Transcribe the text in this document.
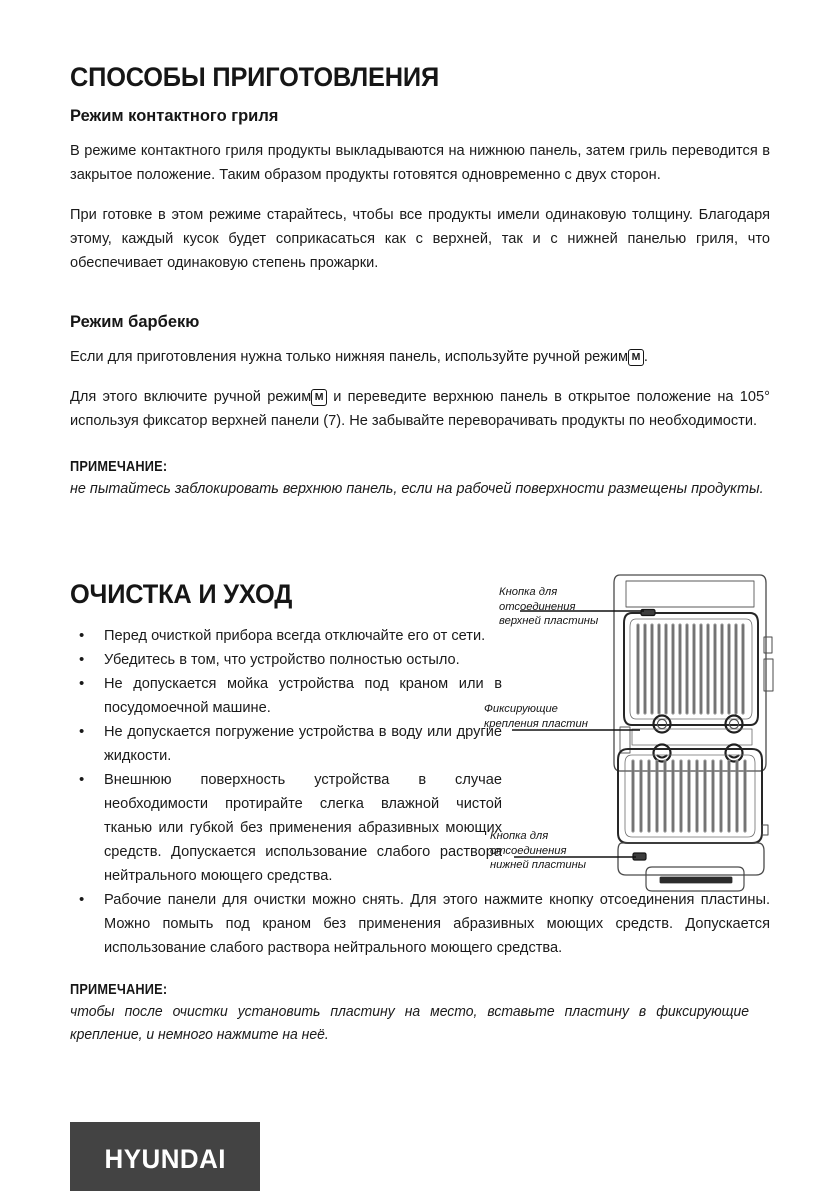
СПОСОБЫ ПРИГОТОВЛЕНИЯ
Режим контактного гриля

В режиме контактного гриля продукты выкладываются на нижнюю панель, затем гриль переводится в закрытое положение. Таким образом продукты готовятся одновременно с двух сторон.

При готовке в этом режиме старайтесь, чтобы все продукты имели одинаковую толщину. Благодаря этому, каждый кусок будет соприкасаться как с верхней, так и с нижней панелью гриля, что обеспечивает одинаковую степень прожарки.

Режим барбекю

Если для приготовления нужна только нижняя панель, используйте ручной режим M .

Для этого включите ручной режим M и переведите верхнюю панель в открытое положение на 105° используя фиксатор верхней панели (7). Не забывайте переворачивать продукты по необходимости.

ПРИМЕЧАНИЕ:

не пытайтесь заблокировать верхнюю панель, если на рабочей поверхности размещены продукты.

ОЧИСТКА И УХОД
• Перед очисткой прибора всегда отключайте его от сети.
• Убедитесь в том, что устройство полностью остыло.
• Не допускается мойка устройства под краном или в посудомоечной машине.
• Не допускается погружение устройства в воду или другие жидкости.
• Внешнюю поверхность устройства в случае необходимости протирайте слегка влажной чистой тканью или губкой без применения абразивных моющих средств. Допускается использование слабого раствора нейтрального моющего средства.
• Рабочие панели для очистки можно снять. Для этого нажмите кнопку отсоединения пластины. Можно помыть под краном без применения абразивных моющих средств. Допускается использование слабого раствора нейтрального моющего средства.
Кнопка для отсоединения верхней пластины
Фиксирующие крепления пластин
Кнопка для отсоединения нижней пластины

ПРИМЕЧАНИЕ:

чтобы после очистки установить пластину на место, вставьте пластину в фиксирующие крепление, и немного нажмите на неё.

HYUNDAI
